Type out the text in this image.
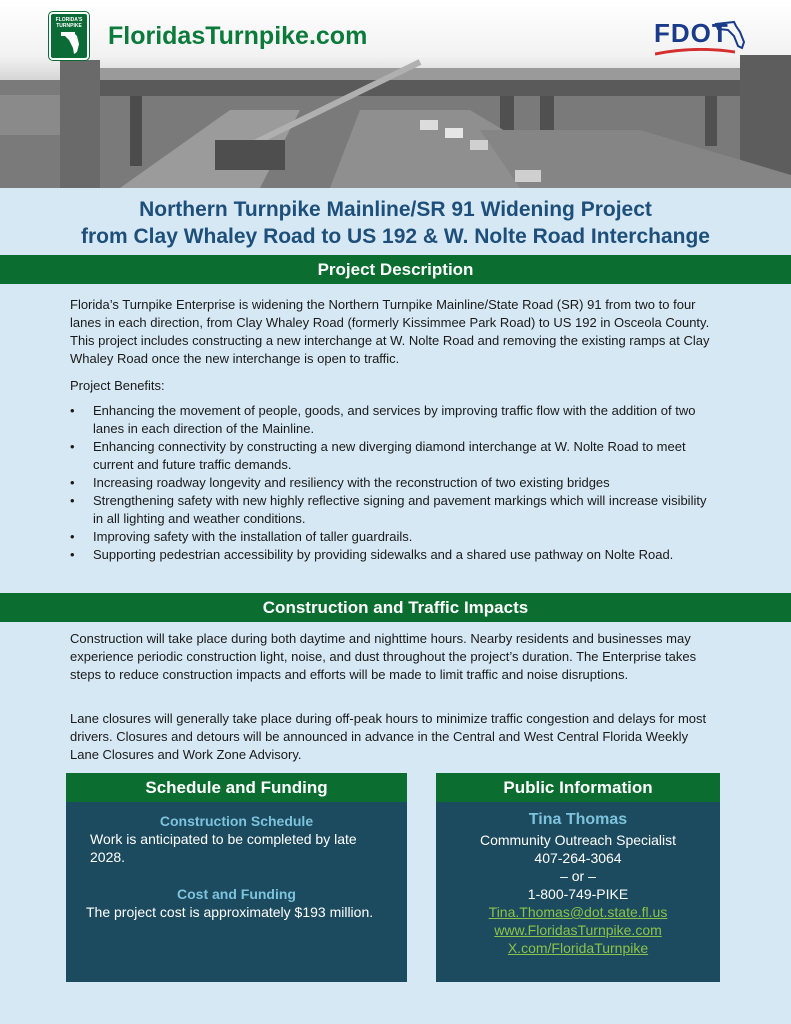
FLORIDA'S TURNPIKE FloridasTurnpike.com	FDOT
Northern Turnpike Mainline/SR 91 Widening Project
from Clay Whaley Road to US 192 & W. Nolte Road Interchange
Project Description
Florida’s Turnpike Enterprise is widening the Northern Turnpike Mainline/State Road (SR) 91 from two to four lanes in each direction, from Clay Whaley Road (formerly Kissimmee Park Road) to US 192 in Osceola County. This project includes constructing a new interchange at W. Nolte Road and removing the existing ramps at Clay Whaley Road once the new interchange is open to traffic.
Project Benefits:
• Enhancing the movement of people, goods, and services by improving traffic flow with the addition of two lanes in each direction of the Mainline.
• Enhancing connectivity by constructing a new diverging diamond interchange at W. Nolte Road to meet current and future traffic demands.
• Increasing roadway longevity and resiliency with the reconstruction of two existing bridges
• Strengthening safety with new highly reflective signing and pavement markings which will increase visibility in all lighting and weather conditions.
• Improving safety with the installation of taller guardrails.
• Supporting pedestrian accessibility by providing sidewalks and a shared use pathway on Nolte Road.
Construction and Traffic Impacts
Construction will take place during both daytime and nighttime hours. Nearby residents and businesses may experience periodic construction light, noise, and dust throughout the project’s duration. The Enterprise takes steps to reduce construction impacts and efforts will be made to limit traffic and noise disruptions.
Lane closures will generally take place during off-peak hours to minimize traffic congestion and delays for most drivers. Closures and detours will be announced in advance in the Central and West Central Florida Weekly Lane Closures and Work Zone Advisory.
Schedule and Funding
Construction Schedule
Work is anticipated to be completed by late 2028.
Cost and Funding
The project cost is approximately $193 million.
Public Information
Tina Thomas
Community Outreach Specialist
407-264-3064
– or –
1-800-749-PIKE
Tina.Thomas@dot.state.fl.us
www.FloridasTurnpike.com
X.com/FloridaTurnpike
